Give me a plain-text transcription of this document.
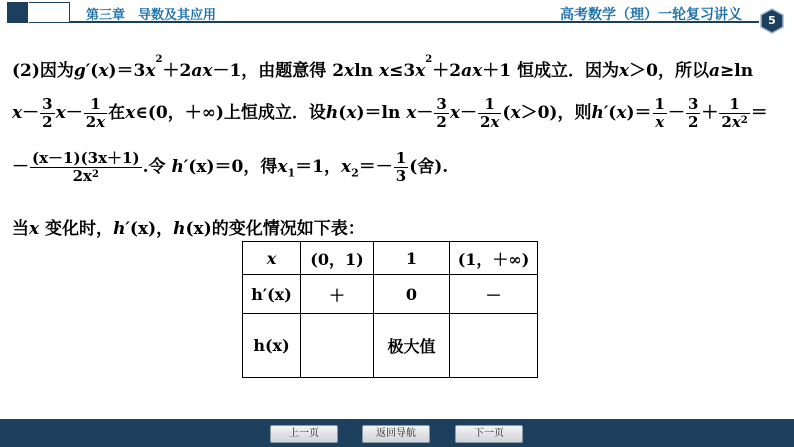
第三章　导数及其应用	高考数学（理）一轮复习讲义	5
(2)因为$g'(x)=3x^2+2ax-1$，由题意得 2xln $x\le 3x^2+2ax+1$ 恒成立．因为x＞0，所以a≥ln
$x- \frac{3}{2} x- \frac{1}{2x}$ 在x∈(0，＋∞)上恒成立．设h(x)＝ln $x- \frac{3}{2} x- \frac{1}{2x} (x>0)$，则$h'(x)= \frac{1}{x} - \frac{3}{2} + \frac{1}{2x^2}$ ＝
－ $\frac{(x-1)(3x+1)}{2x^2}$ .令 h′(x)＝0，得$x_1=1$，$x_2=- \frac{1}{3}$ (舍).
当x 变化时，h′(x)，h(x)的变化情况如下表：
x	(0，1)	1	(1，＋∞)
h′(x)	＋	0	－
h(x)		极大值	
上一页	返回导航	下一页
